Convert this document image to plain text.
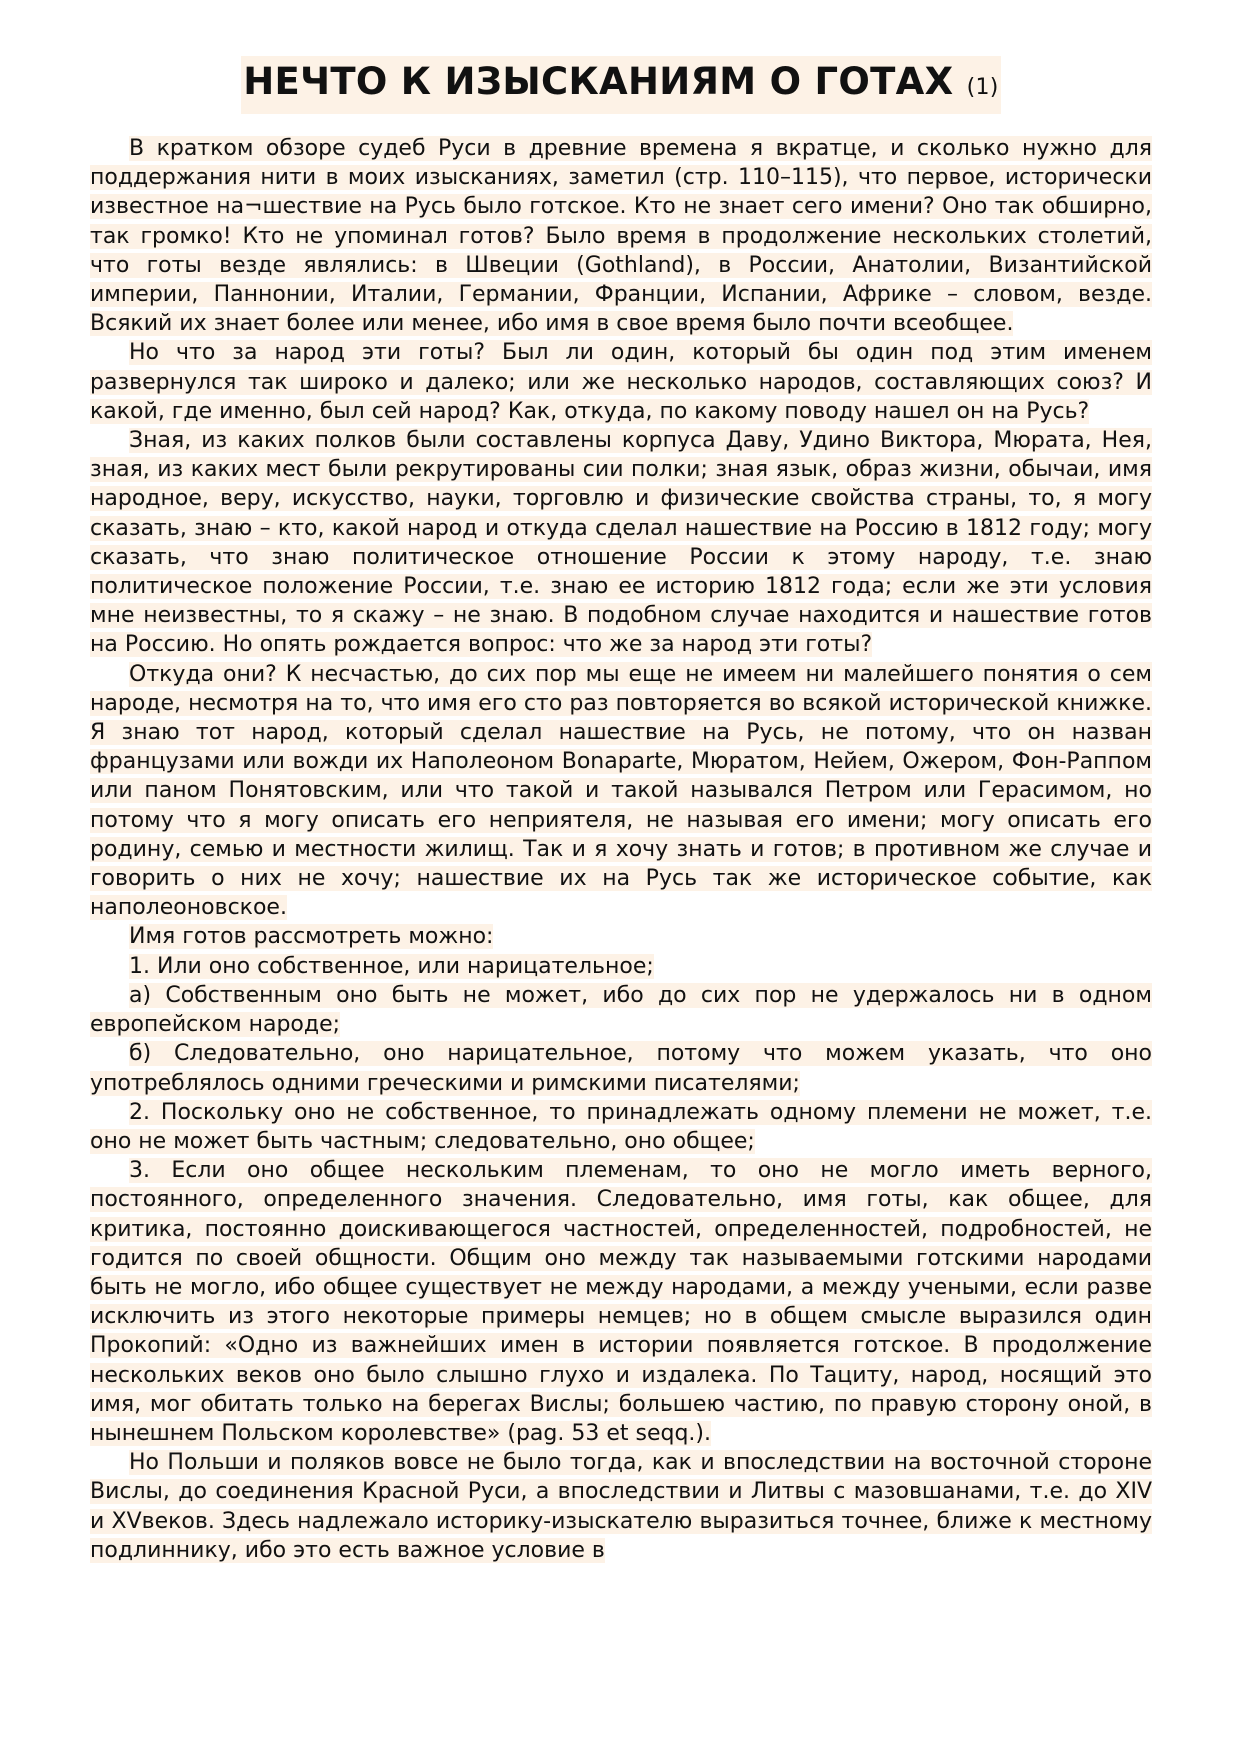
НЕЧТО К ИЗЫСКАНИЯМ О ГОТАХ (1)

В кратком обзоре судеб Руси в древние времена я вкратце, и сколько нужно для поддержания нити в моих изысканиях, заметил (стр. 110–115), что первое, исторически известное на¬шествие на Русь было готское. Кто не знает сего имени? Оно так обширно, так громко! Кто не упоминал готов? Было время в продолжение нескольких столетий, что готы везде являлись: в Швеции (Gothland), в России, Анатолии, Византийской империи, Паннонии, Италии, Германии, Франции, Испании, Африке – словом, везде. Всякий их знает более или менее, ибо имя в свое время было почти всеобщее.

Но что за народ эти готы? Был ли один, который бы один под этим именем развернулся так широко и далеко; или же несколько народов, составляющих союз? И какой, где именно, был сей народ? Как, откуда, по какому поводу нашел он на Русь?

Зная, из каких полков были составлены корпуса Даву, Удино Виктора, Мюрата, Нея, зная, из каких мест были рекрутированы сии полки; зная язык, образ жизни, обычаи, имя народное, веру, искусство, науки, торговлю и физические свойства страны, то, я могу сказать, знаю – кто, какой народ и откуда сделал нашествие на Россию в 1812 году; могу сказать, что знаю политическое отношение России к этому народу, т.е. знаю политическое положение России, т.е. знаю ее историю 1812 года; если же эти условия мне неизвестны, то я скажу – не знаю. В подобном случае находится и нашествие готов на Россию. Но опять рождается вопрос: что же за народ эти готы?

Откуда они? К несчастью, до сих пор мы еще не имеем ни малейшего понятия о сем народе, несмотря на то, что имя его сто раз повторяется во всякой исторической книжке. Я знаю тот народ, который сделал нашествие на Русь, не потому, что он назван французами или вожди их Наполеоном Bonaparte, Мюратом, Нейем, Ожером, Фон-Раппом или паном Понятовским, или что такой и такой назывался Петром или Герасимом, но потому что я могу описать его неприятеля, не называя его имени; могу описать его родину, семью и местности жилищ. Так и я хочу знать и готов; в противном же случае и говорить о них не хочу; нашествие их на Русь так же историческое событие, как наполеоновское.

Имя готов рассмотреть можно:

1. Или оно собственное, или нарицательное;

а) Собственным оно быть не может, ибо до сих пор не удержалось ни в одном европейском народе;

б) Следовательно, оно нарицательное, потому что можем указать, что оно употреблялось одними греческими и римскими писателями;

2. Поскольку оно не собственное, то принадлежать одному племени не может, т.е. оно не может быть частным; следовательно, оно общее;

3. Если оно общее нескольким племенам, то оно не могло иметь верного, постоянного, определенного значения. Следовательно, имя готы, как общее, для критика, постоянно доискивающегося частностей, определенностей, подробностей, не годится по своей общности. Общим оно между так называемыми готскими народами быть не могло, ибо общее существует не между народами, а между учеными, если разве исключить из этого некоторые примеры немцев; но в общем смысле выразился один Прокопий: «Одно из важнейших имен в истории появляется готское. В продолжение нескольких веков оно было слышно глухо и издалека. По Тациту, народ, носящий это имя, мог обитать только на берегах Вислы; большею частию, по правую сторону оной, в нынешнем Польском королевстве» (pag. 53 et seqq.).

Но Польши и поляков вовсе не было тогда, как и впоследствии на восточной стороне Вислы, до соединения Красной Руси, а впоследствии и Литвы с мазовшанами, т.е. до XIV и XVвеков. Здесь надлежало историку-изыскателю выразиться точнее, ближе к местному подлиннику, ибо это есть важное условие в
